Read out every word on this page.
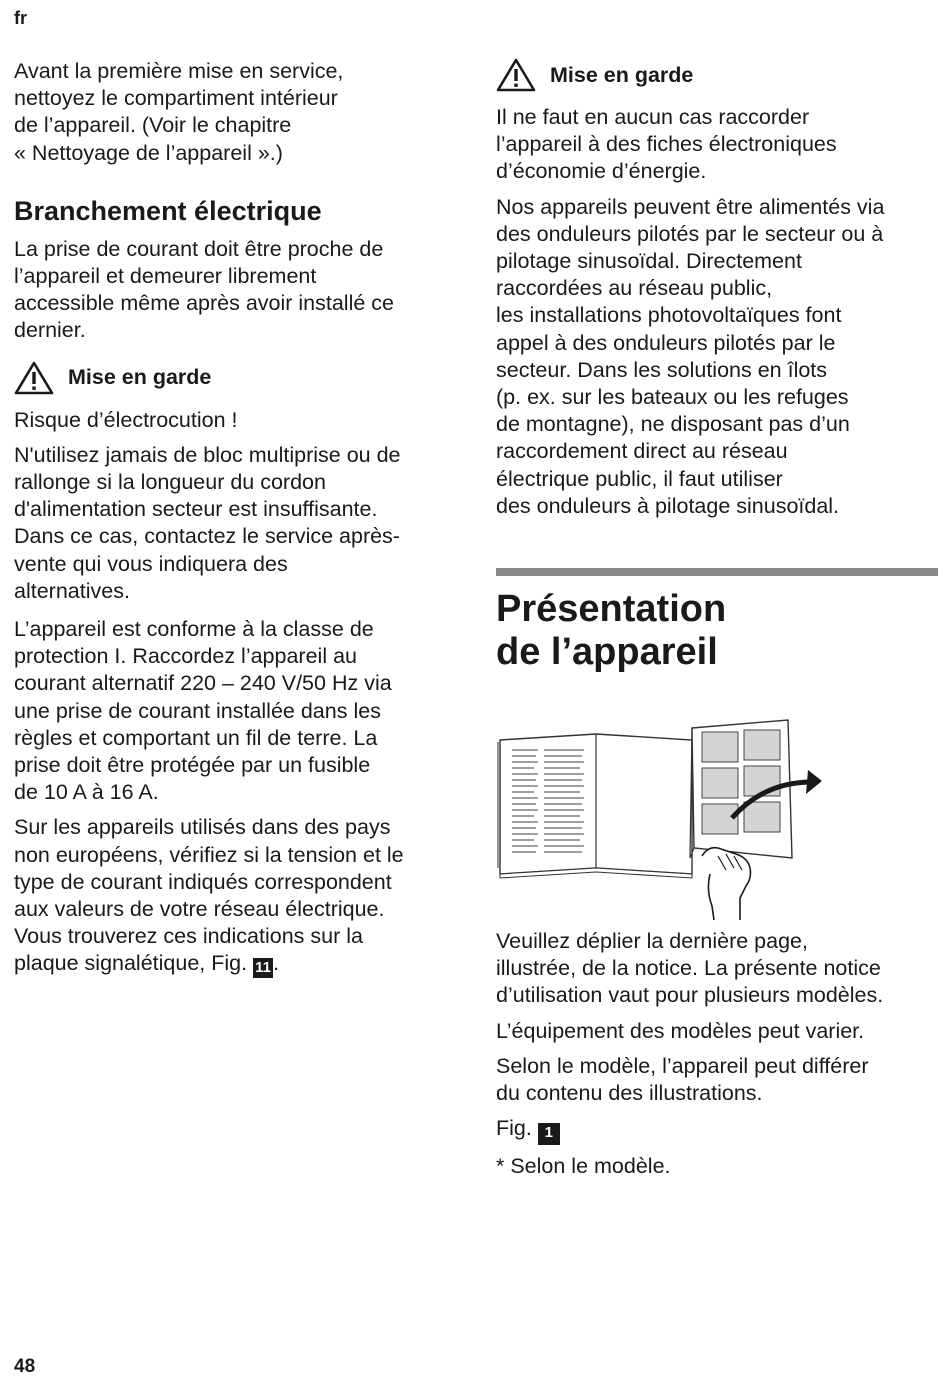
fr

Avant la première mise en service,
nettoyez le compartiment intérieur
de l’appareil. (Voir le chapitre
« Nettoyage de l’appareil ».)

Branchement électrique

La prise de courant doit être proche de
l’appareil et demeurer librement
accessible même après avoir installé ce
dernier.

Mise en garde

Risque d’électrocution !

N'utilisez jamais de bloc multiprise ou de
rallonge si la longueur du cordon
d'alimentation secteur est insuffisante.
Dans ce cas, contactez le service après-
vente qui vous indiquera des
alternatives.

L’appareil est conforme à la classe de
protection I. Raccordez l’appareil au
courant alternatif 220 – 240 V/50 Hz via
une prise de courant installée dans les
règles et comportant un fil de terre. La
prise doit être protégée par un fusible
de 10 A à 16 A.

Sur les appareils utilisés dans des pays
non européens, vérifiez si la tension et le
type de courant indiqués correspondent
aux valeurs de votre réseau électrique.
Vous trouverez ces indications sur la
plaque signalétique, Fig. 11.

Mise en garde

Il ne faut en aucun cas raccorder
l’appareil à des fiches électroniques
d’économie d’énergie.

Nos appareils peuvent être alimentés via
des onduleurs pilotés par le secteur ou à
pilotage sinusoïdal. Directement
raccordées au réseau public,
les installations photovoltaïques font
appel à des onduleurs pilotés par le
secteur. Dans les solutions en îlots
(p. ex. sur les bateaux ou les refuges
de montagne), ne disposant pas d’un
raccordement direct au réseau
électrique public, il faut utiliser
des onduleurs à pilotage sinusoïdal.

Présentation
de l’appareil

Veuillez déplier la dernière page,
illustrée, de la notice. La présente notice
d’utilisation vaut pour plusieurs modèles.

L’équipement des modèles peut varier.

Selon le modèle, l’appareil peut différer
du contenu des illustrations.

Fig. 1

* Selon le modèle.

48
